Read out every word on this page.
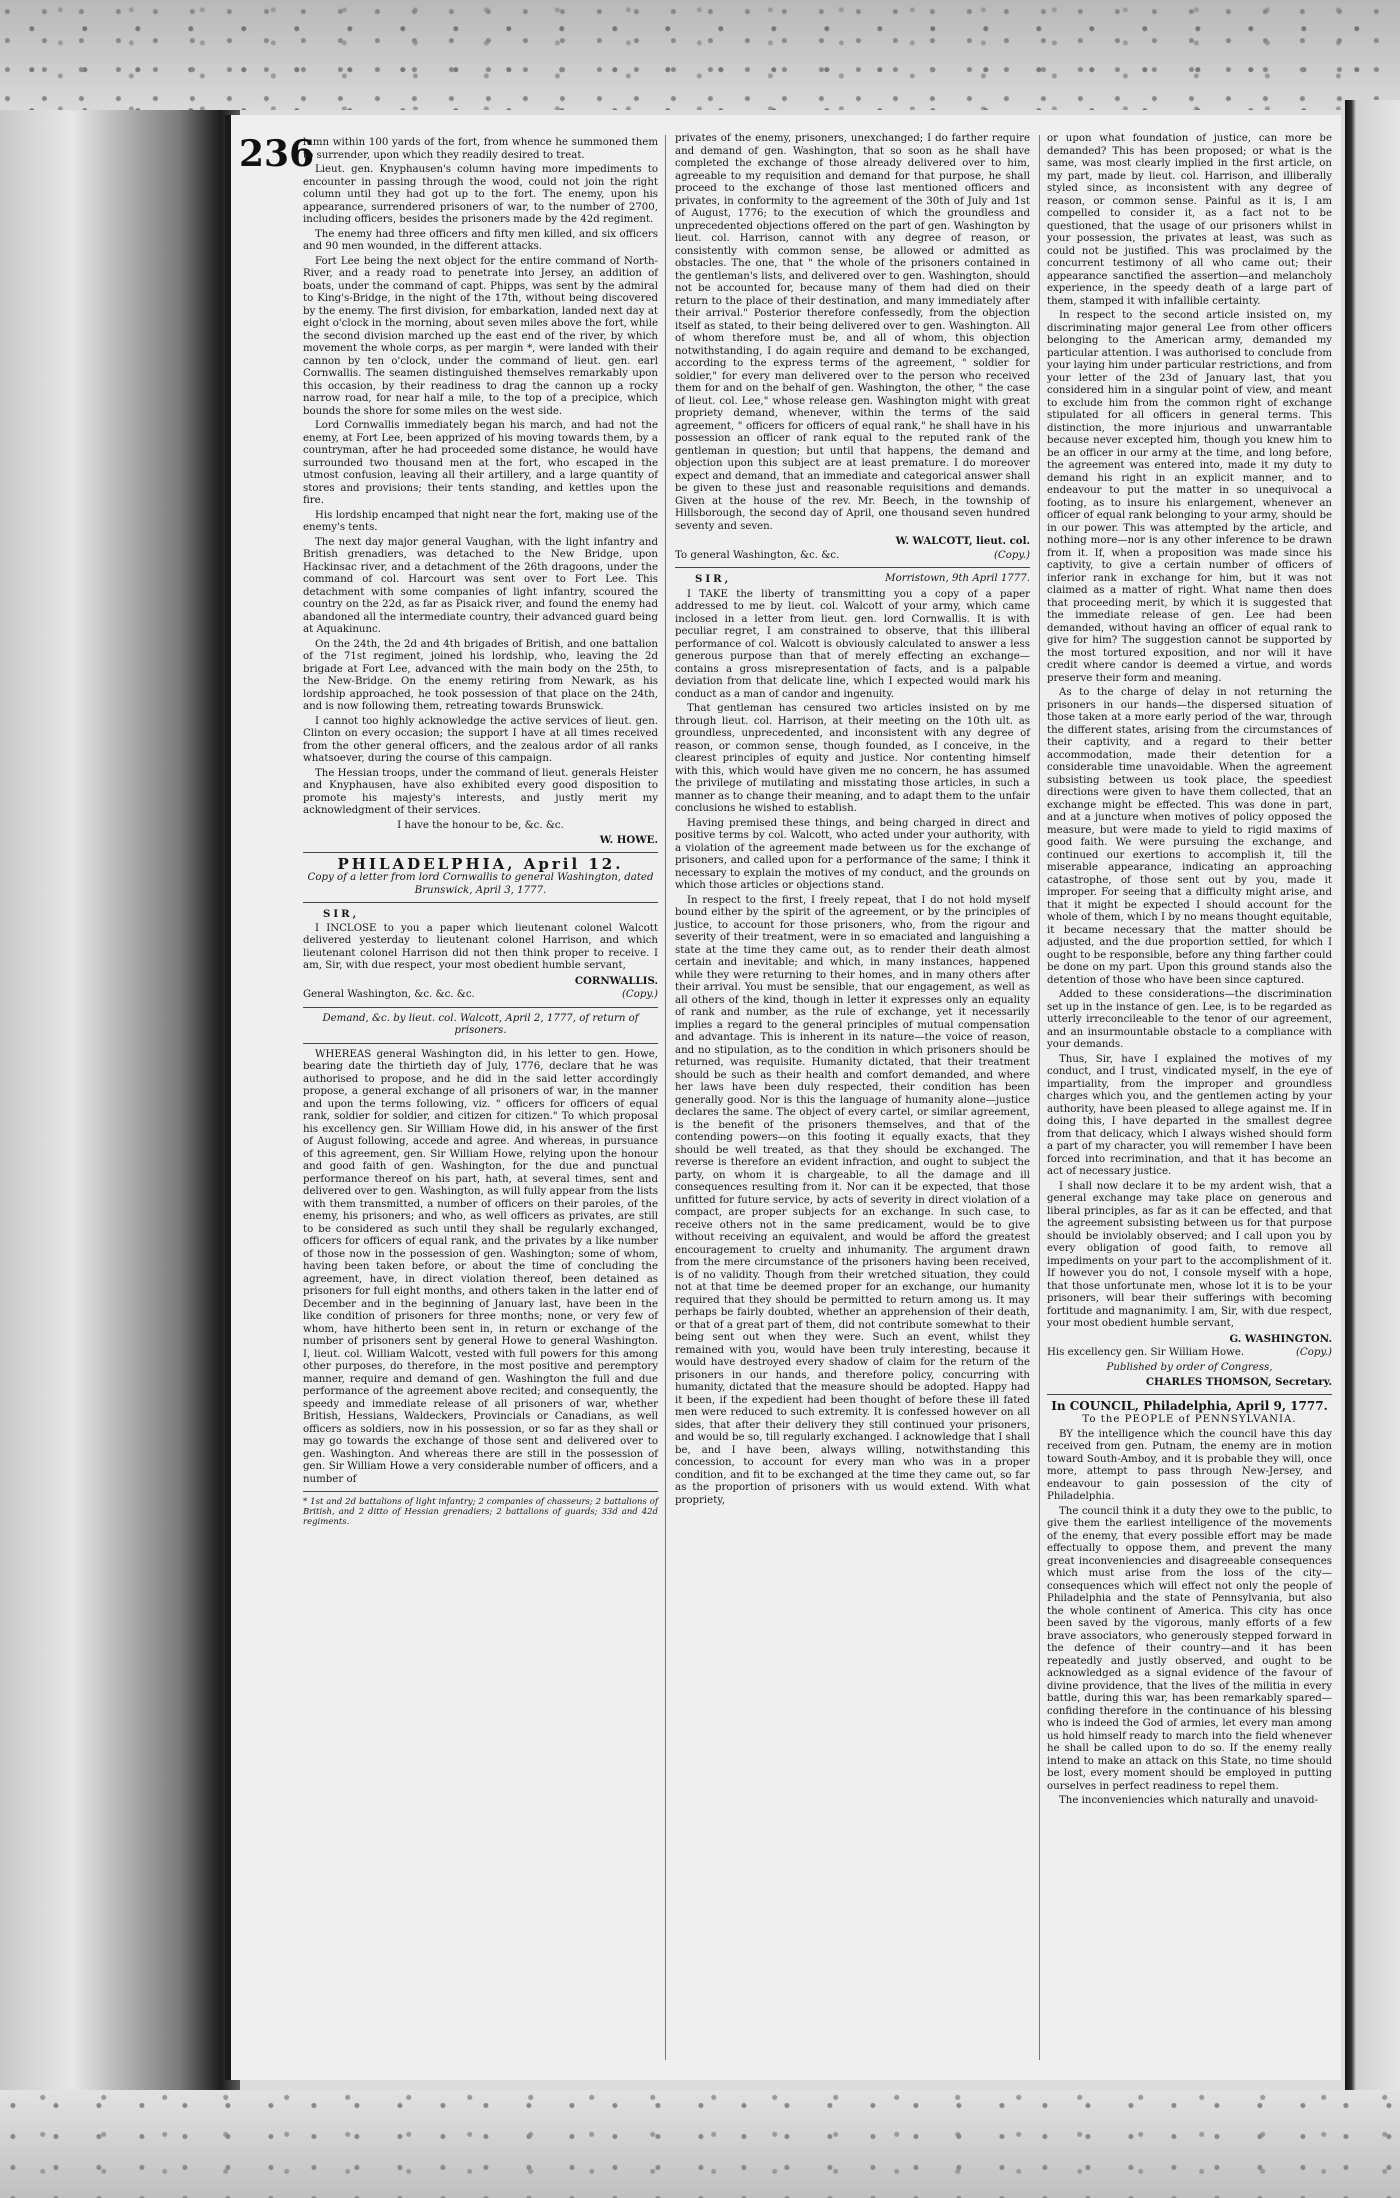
236

lumn within 100 yards of the fort, from whence he summoned them to surrender, upon which they readily desired to treat.

Lieut. gen. Knyphausen's column having more impediments to encounter in passing through the wood, could not join the right column until they had got up to the fort. The enemy, upon his appearance, surrendered prisoners of war, to the number of 2700, including officers, besides the prisoners made by the 42d regiment.

The enemy had three officers and fifty men killed, and six officers and 90 men wounded, in the different attacks.

Fort Lee being the next object for the entire command of North-River, and a ready road to penetrate into Jersey, an addition of boats, under the command of capt. Phipps, was sent by the admiral to King's-Bridge, in the night of the 17th, without being discovered by the enemy. The first division, for embarkation, landed next day at eight o'clock in the morning, about seven miles above the fort, while the second division marched up the east end of the river, by which movement the whole corps, as per margin *, were landed with their cannon by ten o'clock, under the command of lieut. gen. earl Cornwallis. The seamen distinguished themselves remarkably upon this occasion, by their readiness to drag the cannon up a rocky narrow road, for near half a mile, to the top of a precipice, which bounds the shore for some miles on the west side.

Lord Cornwallis immediately began his march, and had not the enemy, at Fort Lee, been apprized of his moving towards them, by a countryman, after he had proceeded some distance, he would have surrounded two thousand men at the fort, who escaped in the utmost confusion, leaving all their artillery, and a large quantity of stores and provisions; their tents standing, and kettles upon the fire.

His lordship encamped that night near the fort, making use of the enemy's tents.

The next day major general Vaughan, with the light infantry and British grenadiers, was detached to the New Bridge, upon Hackinsac river, and a detachment of the 26th dragoons, under the command of col. Harcourt was sent over to Fort Lee. This detachment with some companies of light infantry, scoured the country on the 22d, as far as Pisaick river, and found the enemy had abandoned all the intermediate country, their advanced guard being at Aquakinunc.

On the 24th, the 2d and 4th brigades of British, and one battalion of the 71st regiment, joined his lordship, who, leaving the 2d brigade at Fort Lee, advanced with the main body on the 25th, to the New-Bridge. On the enemy retiring from Newark, as his lordship approached, he took possession of that place on the 24th, and is now following them, retreating towards Brunswick.

I cannot too highly acknowledge the active services of lieut. gen. Clinton on every occasion; the support I have at all times received from the other general officers, and the zealous ardor of all ranks whatsoever, during the course of this campaign.

The Hessian troops, under the command of lieut. generals Heister and Knyphausen, have also exhibited every good disposition to promote his majesty's interests, and justly merit my acknowledgment of their services.

I have the honour to be, &c. &c.

W. HOWE.

PHILADELPHIA, April 12.

Copy of a letter from lord Cornwallis to general Washington, dated Brunswick, April 3, 1777.

SIR,

I INCLOSE to you a paper which lieutenant colonel Walcott delivered yesterday to lieutenant colonel Harrison, and which lieutenant colonel Harrison did not then think proper to receive. I am, Sir, with due respect, your most obedient humble servant,

CORNWALLIS.

General Washington, &c. &c. &c.	(Copy.)

Demand, &c. by lieut. col. Walcott, April 2, 1777, of return of prisoners.

WHEREAS general Washington did, in his letter to gen. Howe, bearing date the thirtieth day of July, 1776, declare that he was authorised to propose, and he did in the said letter accordingly propose, a general exchange of all prisoners of war, in the manner and upon the terms following, viz. " officers for officers of equal rank, soldier for soldier, and citizen for citizen." To which proposal his excellency gen. Sir William Howe did, in his answer of the first of August following, accede and agree. And whereas, in pursuance of this agreement, gen. Sir William Howe, relying upon the honour and good faith of gen. Washington, for the due and punctual performance thereof on his part, hath, at several times, sent and delivered over to gen. Washington, as will fully appear from the lists with them transmitted, a number of officers on their paroles, of the enemy, his prisoners; and who, as well officers as privates, are still to be considered as such until they shall be regularly exchanged, officers for officers of equal rank, and the privates by a like number of those now in the possession of gen. Washington; some of whom, having been taken before, or about the time of concluding the agreement, have, in direct violation thereof, been detained as prisoners for full eight months, and others taken in the latter end of December and in the beginning of January last, have been in the like condition of prisoners for three months; none, or very few of whom, have hitherto been sent in, in return or exchange of the number of prisoners sent by general Howe to general Washington. I, lieut. col. William Walcott, vested with full powers for this among other purposes, do therefore, in the most positive and peremptory manner, require and demand of gen. Washington the full and due performance of the agreement above recited; and consequently, the speedy and immediate release of all prisoners of war, whether British, Hessians, Waldeckers, Provincials or Canadians, as well officers as soldiers, now in his possession, or so far as they shall or may go towards the exchange of those sent and delivered over to gen. Washington. And whereas there are still in the possession of gen. Sir William Howe a very considerable number of officers, and a number of

* 1st and 2d battalions of light infantry; 2 companies of chasseurs; 2 battalions of British, and 2 ditto of Hessian grenadiers; 2 battalions of guards; 33d and 42d regiments.

privates of the enemy, prisoners, unexchanged; I do farther require and demand of gen. Washington, that so soon as he shall have completed the exchange of those already delivered over to him, agreeable to my requisition and demand for that purpose, he shall proceed to the exchange of those last mentioned officers and privates, in conformity to the agreement of the 30th of July and 1st of August, 1776; to the execution of which the groundless and unprecedented objections offered on the part of gen. Washington by lieut. col. Harrison, cannot with any degree of reason, or consistently with common sense, be allowed or admitted as obstacles. The one, that " the whole of the prisoners contained in the gentleman's lists, and delivered over to gen. Washington, should not be accounted for, because many of them had died on their return to the place of their destination, and many immediately after their arrival." Posterior therefore confessedly, from the objection itself as stated, to their being delivered over to gen. Washington. All of whom therefore must be, and all of whom, this objection notwithstanding, I do again require and demand to be exchanged, according to the express terms of the agreement, " soldier for soldier," for every man delivered over to the person who received them for and on the behalf of gen. Washington, the other, " the case of lieut. col. Lee," whose release gen. Washington might with great propriety demand, whenever, within the terms of the said agreement, " officers for officers of equal rank," he shall have in his possession an officer of rank equal to the reputed rank of the gentleman in question; but until that happens, the demand and objection upon this subject are at least premature. I do moreover expect and demand, that an immediate and categorical answer shall be given to these just and reasonable requisitions and demands. Given at the house of the rev. Mr. Beech, in the township of Hillsborough, the second day of April, one thousand seven hundred seventy and seven.

W. WALCOTT, lieut. col.

To general Washington, &c. &c.	(Copy.)

SIR,	Morristown, 9th April 1777.

I TAKE the liberty of transmitting you a copy of a paper addressed to me by lieut. col. Walcott of your army, which came inclosed in a letter from lieut. gen. lord Cornwallis. It is with peculiar regret, I am constrained to observe, that this illiberal performance of col. Walcott is obviously calculated to answer a less generous purpose than that of merely effecting an exchange—contains a gross misrepresentation of facts, and is a palpable deviation from that delicate line, which I expected would mark his conduct as a man of candor and ingenuity.

That gentleman has censured two articles insisted on by me through lieut. col. Harrison, at their meeting on the 10th ult. as groundless, unprecedented, and inconsistent with any degree of reason, or common sense, though founded, as I conceive, in the clearest principles of equity and justice. Nor contenting himself with this, which would have given me no concern, he has assumed the privilege of mutilating and misstating those articles, in such a manner as to change their meaning, and to adapt them to the unfair conclusions he wished to establish.

Having premised these things, and being charged in direct and positive terms by col. Walcott, who acted under your authority, with a violation of the agreement made between us for the exchange of prisoners, and called upon for a performance of the same; I think it necessary to explain the motives of my conduct, and the grounds on which those articles or objections stand.

In respect to the first, I freely repeat, that I do not hold myself bound either by the spirit of the agreement, or by the principles of justice, to account for those prisoners, who, from the rigour and severity of their treatment, were in so emaciated and languishing a state at the time they came out, as to render their death almost certain and inevitable; and which, in many instances, happened while they were returning to their homes, and in many others after their arrival. You must be sensible, that our engagement, as well as all others of the kind, though in letter it expresses only an equality of rank and number, as the rule of exchange, yet it necessarily implies a regard to the general principles of mutual compensation and advantage. This is inherent in its nature—the voice of reason, and no stipulation, as to the condition in which prisoners should be returned, was requisite. Humanity dictated, that their treatment should be such as their health and comfort demanded, and where her laws have been duly respected, their condition has been generally good. Nor is this the language of humanity alone—justice declares the same. The object of every cartel, or similar agreement, is the benefit of the prisoners themselves, and that of the contending powers—on this footing it equally exacts, that they should be well treated, as that they should be exchanged. The reverse is therefore an evident infraction, and ought to subject the party, on whom it is chargeable, to all the damage and ill consequences resulting from it. Nor can it be expected, that those unfitted for future service, by acts of severity in direct violation of a compact, are proper subjects for an exchange. In such case, to receive others not in the same predicament, would be to give without receiving an equivalent, and would be afford the greatest encouragement to cruelty and inhumanity. The argument drawn from the mere circumstance of the prisoners having been received, is of no validity. Though from their wretched situation, they could not at that time be deemed proper for an exchange, our humanity required that they should be permitted to return among us. It may perhaps be fairly doubted, whether an apprehension of their death, or that of a great part of them, did not contribute somewhat to their being sent out when they were. Such an event, whilst they remained with you, would have been truly interesting, because it would have destroyed every shadow of claim for the return of the prisoners in our hands, and therefore policy, concurring with humanity, dictated that the measure should be adopted. Happy had it been, if the expedient had been thought of before these ill fated men were reduced to such extremity. It is confessed however on all sides, that after their delivery they still continued your prisoners, and would be so, till regularly exchanged. I acknowledge that I shall be, and I have been, always willing, notwithstanding this concession, to account for every man who was in a proper condition, and fit to be exchanged at the time they came out, so far as the proportion of prisoners with us would extend. With what propriety,

or upon what foundation of justice, can more be demanded? This has been proposed; or what is the same, was most clearly implied in the first article, on my part, made by lieut. col. Harrison, and illiberally styled since, as inconsistent with any degree of reason, or common sense. Painful as it is, I am compelled to consider it, as a fact not to be questioned, that the usage of our prisoners whilst in your possession, the privates at least, was such as could not be justified. This was proclaimed by the concurrent testimony of all who came out; their appearance sanctified the assertion—and melancholy experience, in the speedy death of a large part of them, stamped it with infallible certainty.

In respect to the second article insisted on, my discriminating major general Lee from other officers belonging to the American army, demanded my particular attention. I was authorised to conclude from your laying him under particular restrictions, and from your letter of the 23d of January last, that you considered him in a singular point of view, and meant to exclude him from the common right of exchange stipulated for all officers in general terms. This distinction, the more injurious and unwarrantable because never excepted him, though you knew him to be an officer in our army at the time, and long before, the agreement was entered into, made it my duty to demand his right in an explicit manner, and to endeavour to put the matter in so unequivocal a footing, as to insure his enlargement, whenever an officer of equal rank belonging to your army, should be in our power. This was attempted by the article, and nothing more—nor is any other inference to be drawn from it. If, when a proposition was made since his captivity, to give a certain number of officers of inferior rank in exchange for him, but it was not claimed as a matter of right. What name then does that proceeding merit, by which it is suggested that the immediate release of gen. Lee had been demanded, without having an officer of equal rank to give for him? The suggestion cannot be supported by the most tortured exposition, and nor will it have credit where candor is deemed a virtue, and words preserve their form and meaning.

As to the charge of delay in not returning the prisoners in our hands—the dispersed situation of those taken at a more early period of the war, through the different states, arising from the circumstances of their captivity, and a regard to their better accommodation, made their detention for a considerable time unavoidable. When the agreement subsisting between us took place, the speediest directions were given to have them collected, that an exchange might be effected. This was done in part, and at a juncture when motives of policy opposed the measure, but were made to yield to rigid maxims of good faith. We were pursuing the exchange, and continued our exertions to accomplish it, till the miserable appearance, indicating an approaching catastrophe, of those sent out by you, made it improper. For seeing that a difficulty might arise, and that it might be expected I should account for the whole of them, which I by no means thought equitable, it became necessary that the matter should be adjusted, and the due proportion settled, for which I ought to be responsible, before any thing farther could be done on my part. Upon this ground stands also the detention of those who have been since captured.

Added to these considerations—the discrimination set up in the instance of gen. Lee, is to be regarded as utterly irreconcileable to the tenor of our agreement, and an insurmountable obstacle to a compliance with your demands.

Thus, Sir, have I explained the motives of my conduct, and I trust, vindicated myself, in the eye of impartiality, from the improper and groundless charges which you, and the gentlemen acting by your authority, have been pleased to allege against me. If in doing this, I have departed in the smallest degree from that delicacy, which I always wished should form a part of my character, you will remember I have been forced into recrimination, and that it has become an act of necessary justice.

I shall now declare it to be my ardent wish, that a general exchange may take place on generous and liberal principles, as far as it can be effected, and that the agreement subsisting between us for that purpose should be inviolably observed; and I call upon you by every obligation of good faith, to remove all impediments on your part to the accomplishment of it. If however you do not, I console myself with a hope, that those unfortunate men, whose lot it is to be your prisoners, will bear their sufferings with becoming fortitude and magnanimity. I am, Sir, with due respect, your most obedient humble servant,

G. WASHINGTON.

His excellency gen. Sir William Howe.	(Copy.)

Published by order of Congress,

CHARLES THOMSON, Secretary.

In COUNCIL, Philadelphia, April 9, 1777.

To the PEOPLE of PENNSYLVANIA.

BY the intelligence which the council have this day received from gen. Putnam, the enemy are in motion toward South-Amboy, and it is probable they will, once more, attempt to pass through New-Jersey, and endeavour to gain possession of the city of Philadelphia.

The council think it a duty they owe to the public, to give them the earliest intelligence of the movements of the enemy, that every possible effort may be made effectually to oppose them, and prevent the many great inconveniencies and disagreeable consequences which must arise from the loss of the city—consequences which will effect not only the people of Philadelphia and the state of Pennsylvania, but also the whole continent of America. This city has once been saved by the vigorous, manly efforts of a few brave associators, who generously stepped forward in the defence of their country—and it has been repeatedly and justly observed, and ought to be acknowledged as a signal evidence of the favour of divine providence, that the lives of the militia in every battle, during this war, has been remarkably spared—confiding therefore in the continuance of his blessing who is indeed the God of armies, let every man among us hold himself ready to march into the field whenever he shall be called upon to do so. If the enemy really intend to make an attack on this State, no time should be lost, every moment should be employed in putting ourselves in perfect readiness to repel them.

The inconveniencies which naturally and unavoid-
